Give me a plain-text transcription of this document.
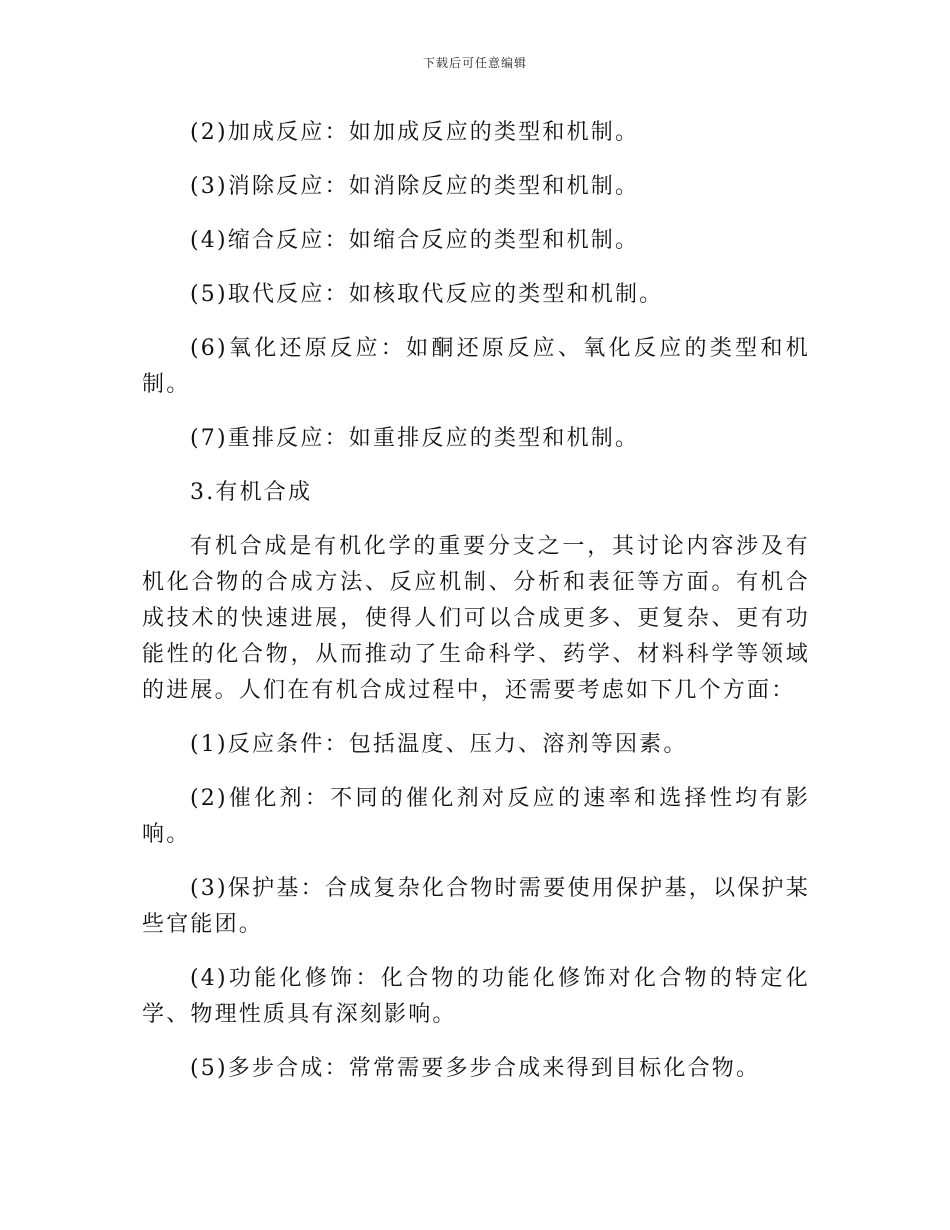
下载后可任意编辑

(2)加成反应：如加成反应的类型和机制。

(3)消除反应：如消除反应的类型和机制。

(4)缩合反应：如缩合反应的类型和机制。

(5)取代反应：如核取代反应的类型和机制。

(6)氧化还原反应：如酮还原反应、氧化反应的类型和机制。

(7)重排反应：如重排反应的类型和机制。

3.有机合成

有机合成是有机化学的重要分支之一，其讨论内容涉及有机化合物的合成方法、反应机制、分析和表征等方面。有机合成技术的快速进展，使得人们可以合成更多、更复杂、更有功能性的化合物，从而推动了生命科学、药学、材料科学等领域的进展。人们在有机合成过程中，还需要考虑如下几个方面：

(1)反应条件：包括温度、压力、溶剂等因素。

(2)催化剂：不同的催化剂对反应的速率和选择性均有影响。

(3)保护基：合成复杂化合物时需要使用保护基，以保护某些官能团。

(4)功能化修饰：化合物的功能化修饰对化合物的特定化学、物理性质具有深刻影响。

(5)多步合成：常常需要多步合成来得到目标化合物。
